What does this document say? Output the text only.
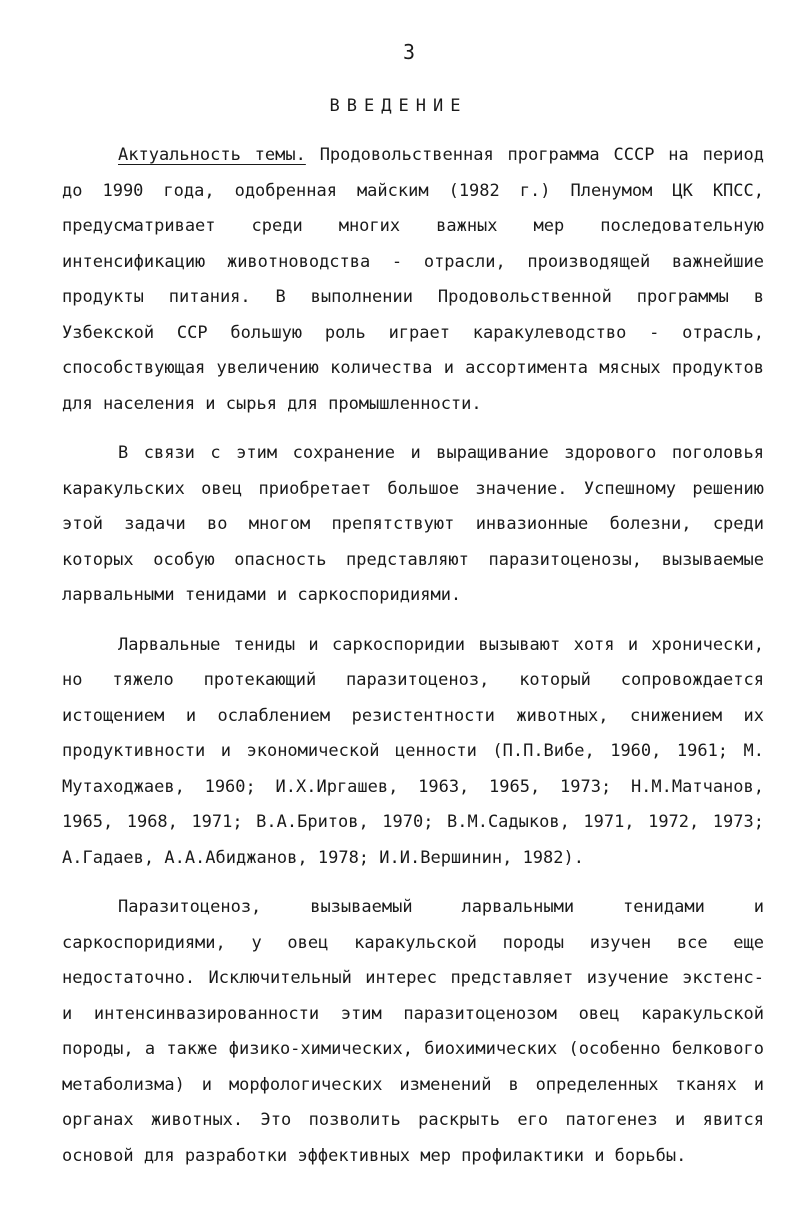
3
ВВЕДЕНИЕ

Актуальность темы. Продовольственная программа СССР на период до 1990 года, одобренная майским (1982 г.) Пленумом ЦК КПСС, предусматривает среди многих важных мер последовательную интенсификацию животноводства - отрасли, производящей важнейшие продукты питания. В выполнении Продовольственной программы в Узбекской ССР большую роль играет каракулеводство - отрасль, способствующая увеличению количества и ассортимента мясных продуктов для населения и сырья для промышленности.

В связи с этим сохранение и выращивание здорового поголовья каракульских овец приобретает большое значение. Успешному решению этой задачи во многом препятствуют инвазионные болезни, среди которых особую опасность представляют паразитоценозы, вызываемые ларвальными тенидами и саркоспоридиями.

Ларвальные тениды и саркоспоридии вызывают хотя и хронически, но тяжело протекающий паразитоценоз, который сопровождается истощением и ослаблением резистентности животных, снижением их продуктивности и экономической ценности (П.П.Вибе, 1960, 1961; М. Мутаходжаев, 1960; И.Х.Иргашев, 1963, 1965, 1973; Н.М.Матчанов, 1965, 1968, 1971; В.А.Бритов, 1970; В.М.Садыков, 1971, 1972, 1973; А.Гадаев, А.А.Абиджанов, 1978; И.И.Вершинин, 1982).

Паразитоценоз, вызываемый ларвальными тенидами и саркоспоридиями, у овец каракульской породы изучен все еще недостаточно. Исключительный интерес представляет изучение экстенс- и интенсинвазированности этим паразитоценозом овец каракульской породы, а также физико-химических, биохимических (особенно белкового метаболизма) и морфологических изменений в определенных тканях и органах животных. Это позволить раскрыть его патогенез и явится основой для разработки эффективных мер профилактики и борьбы.
